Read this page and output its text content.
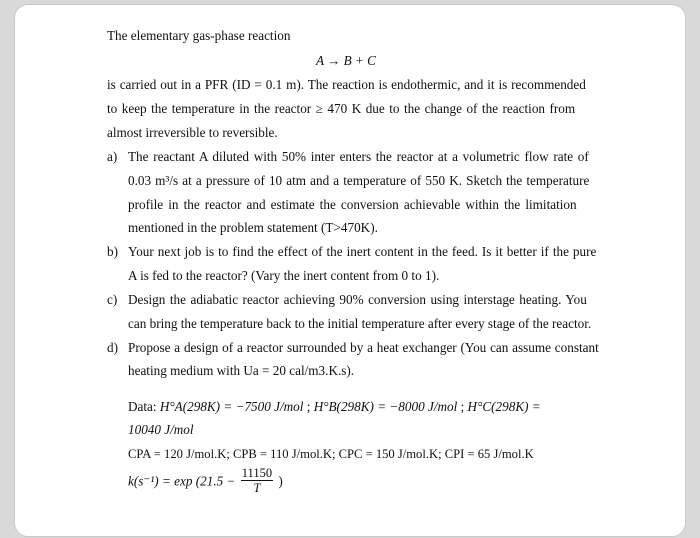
The elementary gas-phase reaction
A → B + C
is carried out in a PFR (ID = 0.1 m). The reaction is endothermic, and it is recommended
to keep the temperature in the reactor ≥ 470 K due to the change of the reaction from
almost irreversible to reversible.
a) The reactant A diluted with 50% inter enters the reactor at a volumetric flow rate of
0.03 m³/s at a pressure of 10 atm and a temperature of 550 K. Sketch the temperature
profile in the reactor and estimate the conversion achievable within the limitation
mentioned in the problem statement (T>470K).
b) Your next job is to find the effect of the inert content in the feed. Is it better if the pure
A is fed to the reactor? (Vary the inert content from 0 to 1).
c) Design the adiabatic reactor achieving 90% conversion using interstage heating. You
can bring the temperature back to the initial temperature after every stage of the reactor.
d) Propose a design of a reactor surrounded by a heat exchanger (You can assume constant
heating medium with Ua = 20 cal/m3.K.s).
Data: H°A(298K) = −7500 J/mol ; H°B(298K) = −8000 J/mol ; H°C(298K) =
10040 J/mol
CPA = 120 J/mol.K; CPB = 110 J/mol.K; CPC = 150 J/mol.K; CPI = 65 J/mol.K
$k(s^{-1}) = \exp (21.5 - \frac{11150}{T}$ )
